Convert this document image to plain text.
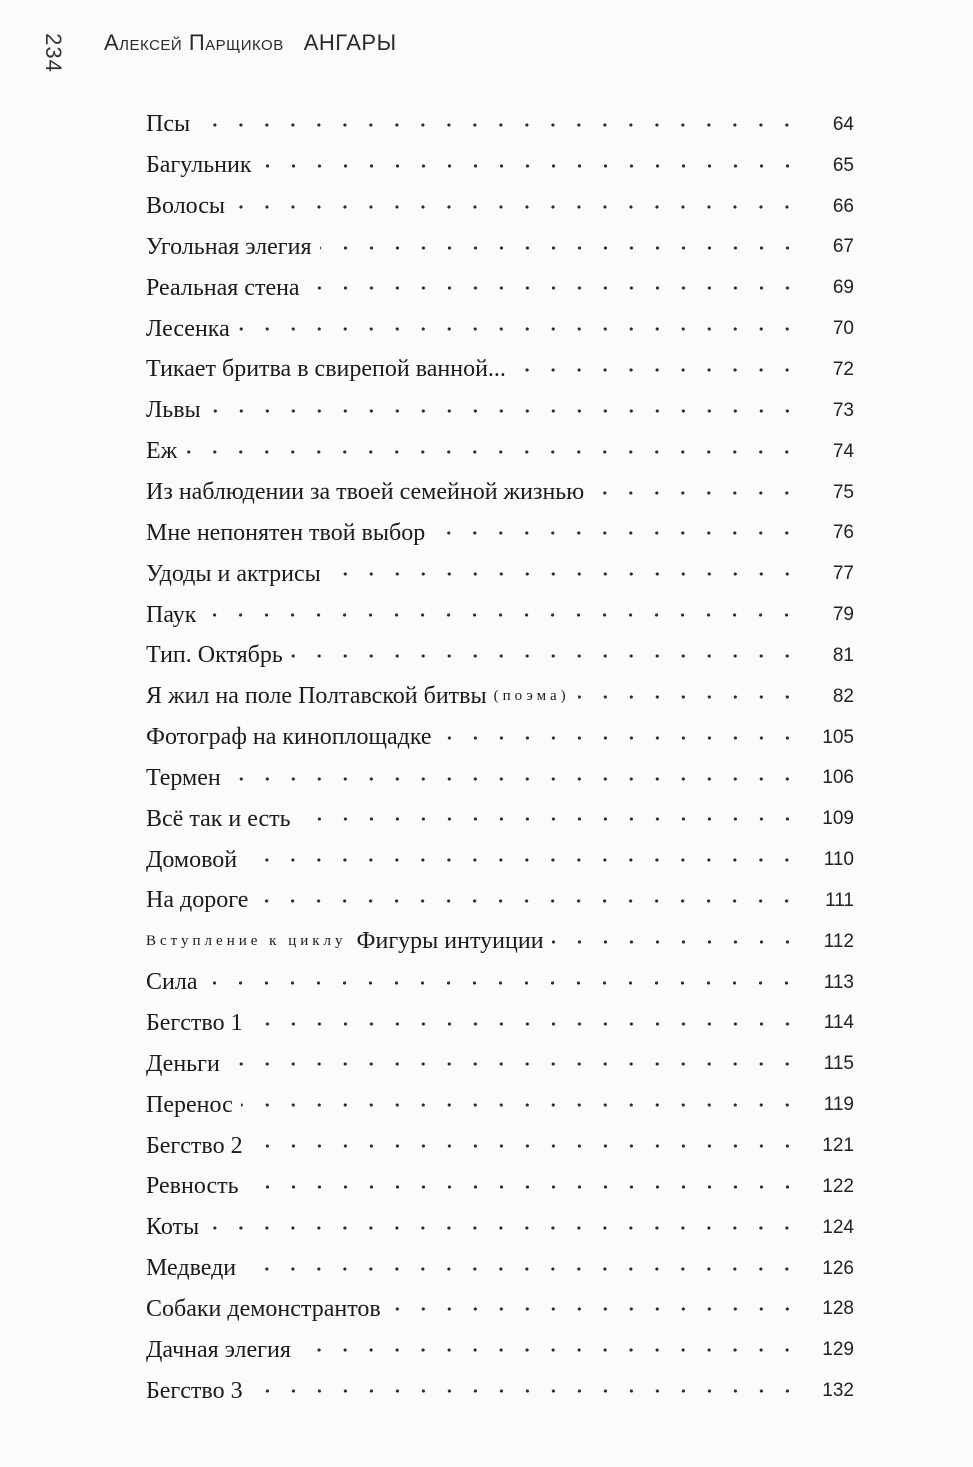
234	Алексей Парщиков АНГАРЫ
Псы	64
Багульник	65
Волосы	66
Угольная элегия	67
Реальная стена	69
Лесенка	70
Тикает бритва в свирепой ванной...	72
Львы	73
Еж	74
Из наблюдении за твоей семейной жизнью	75
Мне непонятен твой выбор	76
Удоды и актрисы	77
Паук	79
Тип. Октябрь	81
Я жил на поле Полтавской битвы (поэма)	82
Фотограф на киноплощадке	105
Термен	106
Всё так и есть	109
Домовой	110
На дороге	111
Вступление к циклу Фигуры интуиции	112
Сила	113
Бегство 1	114
Деньги	115
Перенос	119
Бегство 2	121
Ревность	122
Коты	124
Медведи	126
Собаки демонстрантов	128
Дачная элегия	129
Бегство 3	132
